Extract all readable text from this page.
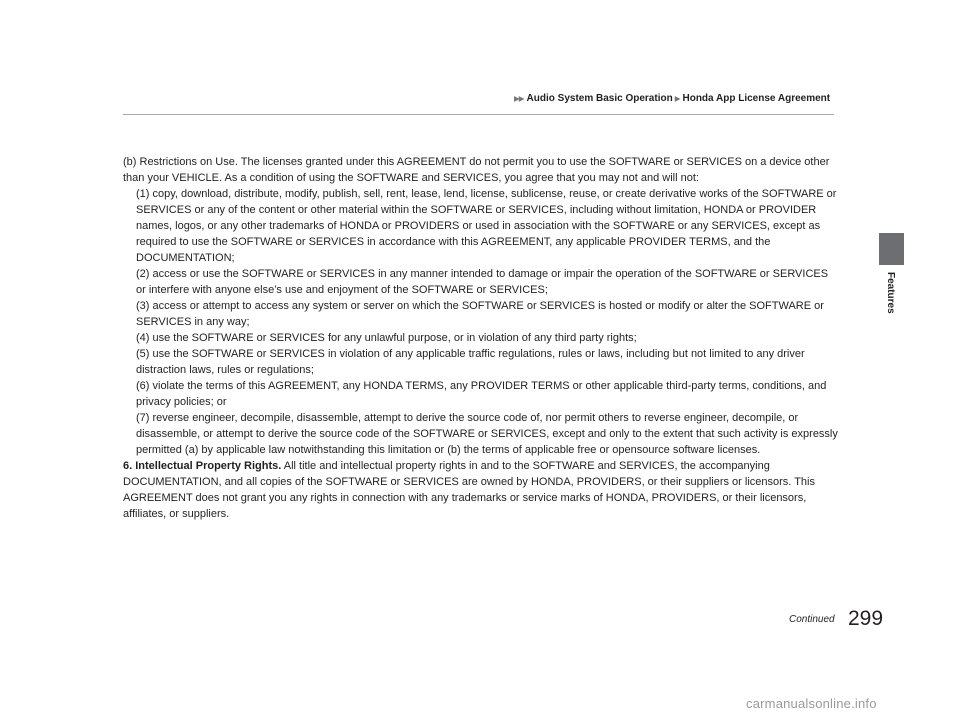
▶▶ Audio System Basic Operation ▶ Honda App License Agreement
Features

(b) Restrictions on Use. The licenses granted under this AGREEMENT do not permit you to use the SOFTWARE or SERVICES on a device other than your VEHICLE. As a condition of using the SOFTWARE and SERVICES, you agree that you may not and will not:

(1) copy, download, distribute, modify, publish, sell, rent, lease, lend, license, sublicense, reuse, or create derivative works of the SOFTWARE or SERVICES or any of the content or other material within the SOFTWARE or SERVICES, including without limitation, HONDA or PROVIDER names, logos, or any other trademarks of HONDA or PROVIDERS or used in association with the SOFTWARE or any SERVICES, except as required to use the SOFTWARE or SERVICES in accordance with this AGREEMENT, any applicable PROVIDER TERMS, and the DOCUMENTATION;

(2) access or use the SOFTWARE or SERVICES in any manner intended to damage or impair the operation of the SOFTWARE or SERVICES or interfere with anyone else’s use and enjoyment of the SOFTWARE or SERVICES;

(3) access or attempt to access any system or server on which the SOFTWARE or SERVICES is hosted or modify or alter the SOFTWARE or SERVICES in any way;

(4) use the SOFTWARE or SERVICES for any unlawful purpose, or in violation of any third party rights;

(5) use the SOFTWARE or SERVICES in violation of any applicable traffic regulations, rules or laws, including but not limited to any driver distraction laws, rules or regulations;

(6) violate the terms of this AGREEMENT, any HONDA TERMS, any PROVIDER TERMS or other applicable third-party terms, conditions, and privacy policies; or

(7) reverse engineer, decompile, disassemble, attempt to derive the source code of, nor permit others to reverse engineer, decompile, or disassemble, or attempt to derive the source code of the SOFTWARE or SERVICES, except and only to the extent that such activity is expressly permitted (a) by applicable law notwithstanding this limitation or (b) the terms of applicable free or opensource software licenses.

6. Intellectual Property Rights. All title and intellectual property rights in and to the SOFTWARE and SERVICES, the accompanying DOCUMENTATION, and all copies of the SOFTWARE or SERVICES are owned by HONDA, PROVIDERS, or their suppliers or licensors. This AGREEMENT does not grant you any rights in connection with any trademarks or service marks of HONDA, PROVIDERS, or their licensors, affiliates, or suppliers.

Continued 299
carmanualsonline.info
